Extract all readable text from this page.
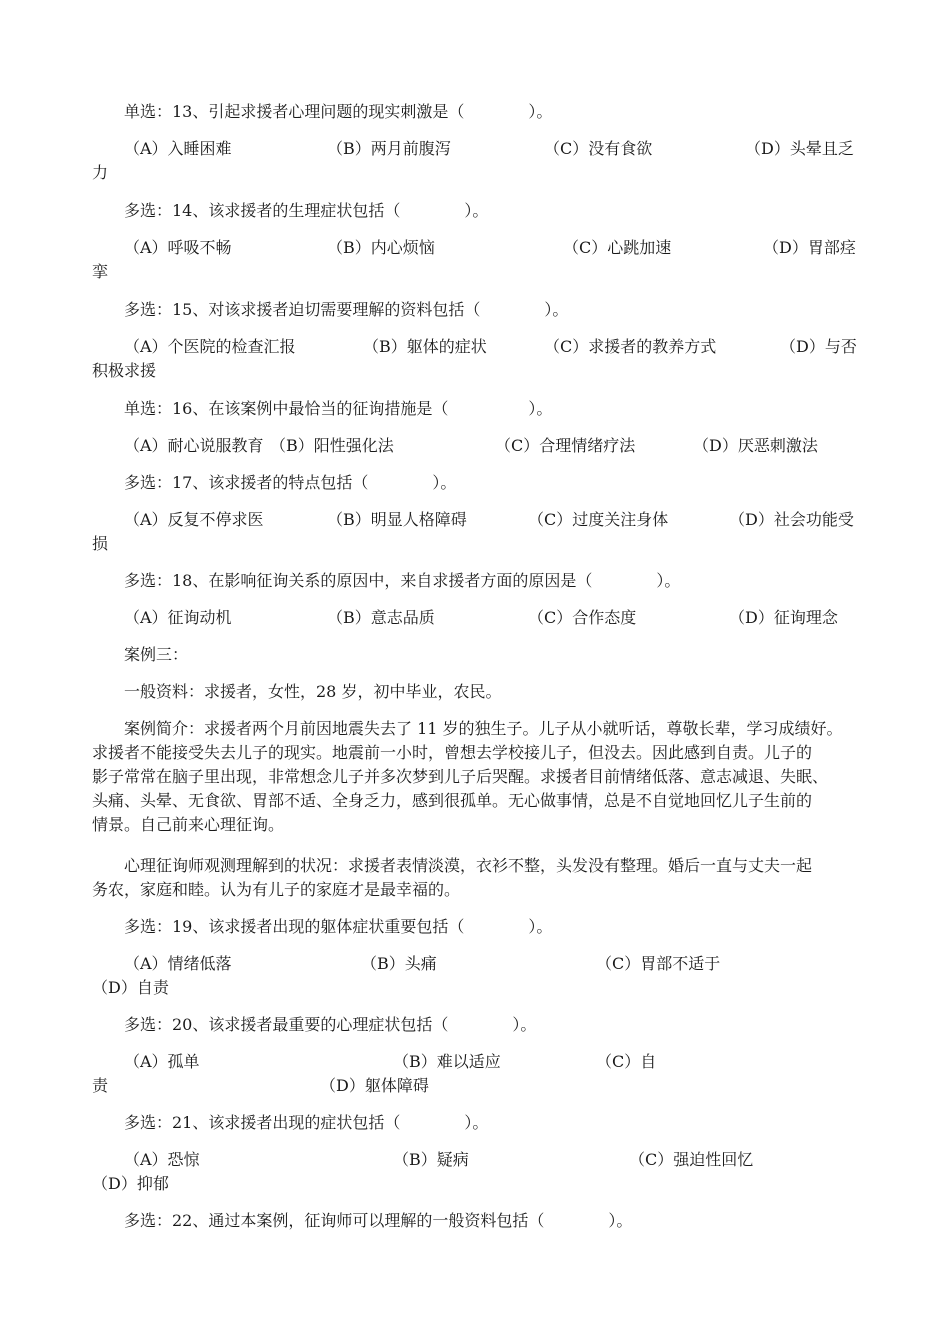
单选：13、引起求援者心理问题的现实刺激是（　　　　）。
（A）入睡困难	（B）两月前腹泻	（C）没有食欲	（D）头晕且乏
力
多选：14、该求援者的生理症状包括（　　　　）。
（A）呼吸不畅	（B）内心烦恼	（C）心跳加速	（D）胃部痉
挛
多选：15、对该求援者迫切需要理解的资料包括（　　　　）。
（A）个医院的检查汇报	（B）躯体的症状	（C）求援者的教养方式	（D）与否
积极求援
单选：16、在该案例中最恰当的征询措施是（　　　　　）。
（A）耐心说服教育 （B）阳性强化法	（C）合理情绪疗法	（D）厌恶刺激法
多选：17、该求援者的特点包括（　　　　）。
（A）反复不停求医	（B）明显人格障碍	（C）过度关注身体	（D）社会功能受
损
多选：18、在影响征询关系的原因中，来自求援者方面的原因是（　　　　）。
（A）征询动机	（B）意志品质	（C）合作态度	（D）征询理念
案例三：
一般资料：求援者，女性，28 岁，初中毕业，农民。
案例简介：求援者两个月前因地震失去了 11 岁的独生子。儿子从小就听话，尊敬长辈，学习成绩好。
求援者不能接受失去儿子的现实。地震前一小时，曾想去学校接儿子，但没去。因此感到自责。儿子的
影子常常在脑子里出现，非常想念儿子并多次梦到儿子后哭醒。求援者目前情绪低落、意志减退、失眠、
头痛、头晕、无食欲、胃部不适、全身乏力，感到很孤单。无心做事情，总是不自觉地回忆儿子生前的
情景。自己前来心理征询。
心理征询师观测理解到的状况：求援者表情淡漠，衣衫不整，头发没有整理。婚后一直与丈夫一起
务农，家庭和睦。认为有儿子的家庭才是最幸福的。
多选：19、该求援者出现的躯体症状重要包括（　　　　）。
（A）情绪低落	（B）头痛	（C）胃部不适于
（D）自责
多选：20、该求援者最重要的心理症状包括（　　　　）。
（A）孤单	（B）难以适应	（C）自
责	（D）躯体障碍
多选：21、该求援者出现的症状包括（　　　　）。
（A）恐惊	（B）疑病	（C）强迫性回忆
（D）抑郁
多选：22、通过本案例，征询师可以理解的一般资料包括（　　　　）。
